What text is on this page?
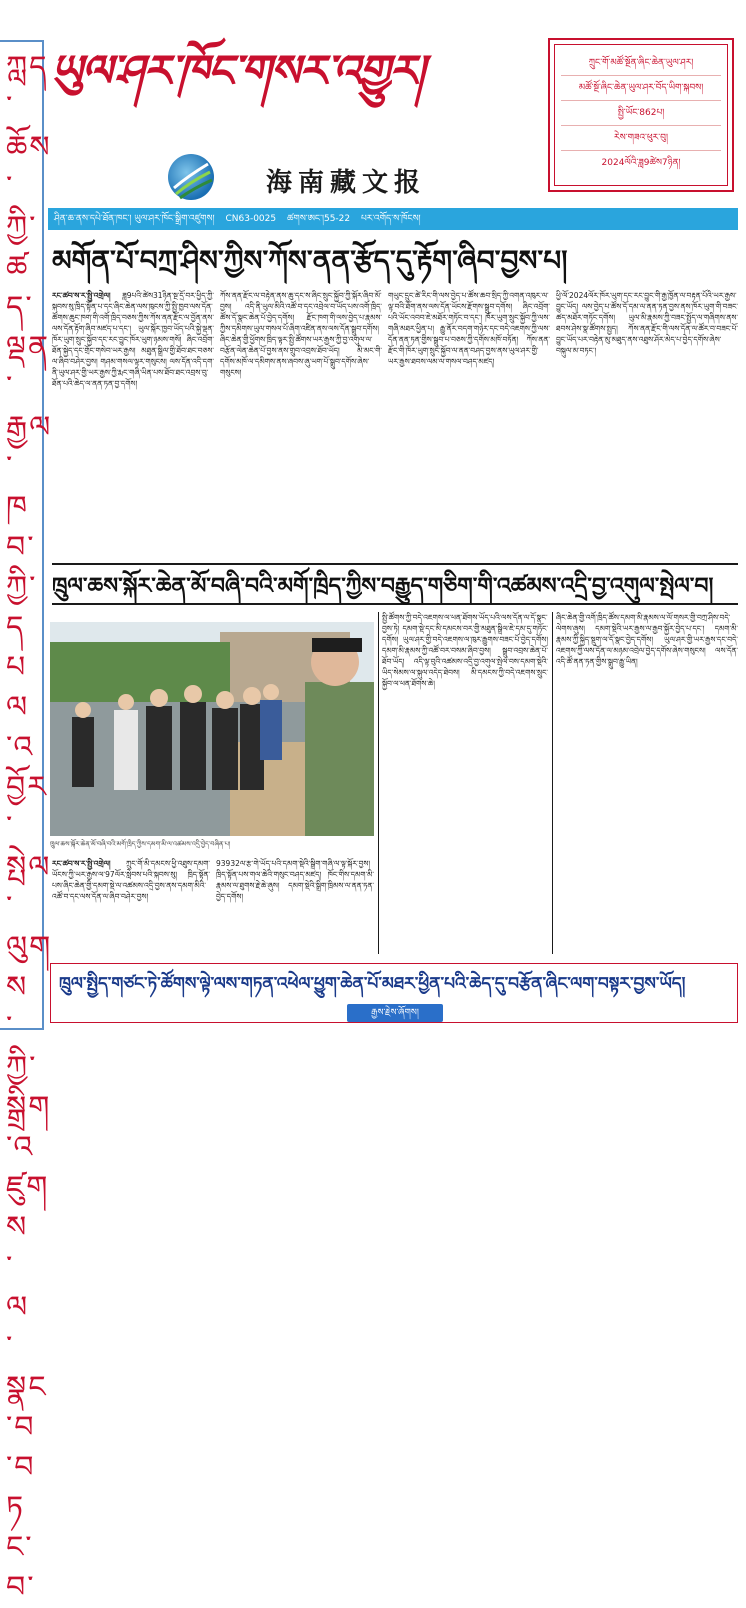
ཀླད་ཆོས་ཀྱི་ཚད་ལྡན་རྒྱལ་ཁབ་ཀྱི་དཔལ་འབྱོར་སྤེལ་ལུགས་ཀྱི་སྒྲིག་འཛུགས་ལ་སྣང་བ་བཏང་བ་
ཡུལ་ཤར་ཁོང་གསར་འགྱུར།
海南藏文报
ཀྲུང་གོ་མཚོ་སྔོན་ཞིང་ཆེན་ཡུལ་ཤར།
མཚོ་སྔོ་ཞིང་ཆེན་ཡུལ་ཤར་བོད་ཡིག་སྐབས།
སྤྱི་ཡོང་862པ།
རེས་གཟའ་ཕུར་བུ།
2024ལོའི་ཟླ9ཚེས7ཉིན།
ཤིན་ཆ་ནས་དཔེ་ཐོན་ཁང་། ཡུལ་ཤར་ཁོང་སྒྲིག་འཛུགས། CN63-0025 ཚགས་ཨང་།55-22 པར་འགོད་ས་ཁོངས།
མགོན་པོ་བཀྲ་ཤིས་ཀྱིས་ཀོས་ནན་རྩོད་དུ་རྟོག་ཞིབ་བྱས་པ།
རང་ཚབ་ས་ར་སྤྱི་འགྲེལ། ཟླ9པའི་ཚེས31ཉིན་སྔ་དྲོ་བར་ཕྱིད་ཀྱི་སྐབས་སུ་ཁྲིད་སྟོན་པ་དང་ཞིང་ཆེན་ལས་ཁུངས་ཀྱི་སྤྱི་ཁྱབ་ལས་དོན་ཚོགས་ཆུང་ཁག་གི་འགོ་ཁྲིད་བཅས་ཀྱིས་ཀོས་ནན་རྫོང་ལ་བྱོན་ནས་ལས་དོན་རྟོག་ཞིབ་མཛད་པ་དང་། ཡུལ་སྐོར་ཁྱབ་ཡོད་པའི་སྐྱེ་ལྡན་ཁོར་ཡུག་སྲུང་སྐྱོབ་དང་རང་བྱུང་ཁོར་ཡུག་ཉམས་གསོ། ཞིང་འབྲོག་ཐོན་སྐྱེད་དང་གྲོང་གསེབ་ཡར་རྒྱས། མཐུན་སྒྲིལ་གྱི་ཐོབ་ཐང་བཅས་ལ་ཞིབ་བཤེར་བྱས། གཤམ་གསལ་ལྟར་གསུངས། ལས་དོན་འདི་དག་ནི་ཡུལ་ཤར་གྱི་ཡར་རྒྱས་ཀྱི་རྨང་གཞི་ཡིན་པས་ཐོབ་ཐང་འབྲས་བུ་ཐོན་པའི་ཆེད་ལ་ནན་ཏན་བྱ་དགོས།
ཀོས་ནན་རྫོང་ལ་བརྟེན་ནས་ཆུ་དང་ས་ཞིང་སྲུང་སྐྱོབ་ཀྱི་སྐོར་ཞིབ་མོ་བྱས། འདི་ནི་ཡུལ་མིའི་འཚོ་བ་དང་འབྲེལ་བ་ཡོད་པས་འགོ་ཁྲིད་ཚོས་དོ་སྣང་ཆེན་པོ་བྱེད་དགོས། རྫོང་ཁག་གི་ལས་བྱེད་པ་རྣམས་ཀྱིས་དམིགས་ཡུལ་གསལ་པོ་ཞིག་འཛིན་ནས་ལས་དོན་སྒྲུབ་དགོས། ཞིང་ཆེན་གྱི་ཕྱོགས་ཁྲིད་ལྟར་སྤྱི་ཚོགས་ཡར་རྒྱས་ཀྱི་བྱ་འགུལ་ལ་བརྩོན་ལེན་ཆེན་པོ་བྱས་ནས་གྲུབ་འབྲས་ཐོབ་ཡོད། མི་མང་གི་དགོས་མཁོ་ལ་དམིགས་ནས་ཞབས་ཞུ་ཡག་པོ་སྒྲུབ་དགོས་ཞེས་གསུངས།
གཡུང་དྲུང་ཚེ་རིང་གི་ལས་བྱེད་པ་ཚོས་ཆབ་སྲིད་ཀྱི་འགན་འཁུར་ལ་ལྟ་བའི་ཐོག་ནས་ལས་དོན་ཡོངས་རྫོགས་སྒྲུབ་དགོས། ཞིང་འབྲོག་པའི་ཡོང་འབབ་ཇེ་མཐོར་གཏོང་བ་དང་། ཁོར་ཡུག་སྲུང་སྐྱོབ་ཀྱི་ལས་གཞི་མཐར་ཕྱིན་པ། རྒྱུ་ནོར་བདག་གཉེར་དང་བདེ་འཇགས་ཀྱི་ལས་དོན་ནན་ཏན་གྱིས་སྒྲུབ་པ་བཅས་ཀྱི་དགོས་མཁོ་བཏོན། ཀོས་ནན་རྫོང་གི་ཁོར་ཡུག་སྲུང་སྐྱོབ་ལ་ནན་བཤད་བྱས་ནས་ཡུལ་ཤར་གྱི་ཡར་རྒྱས་ཐབས་ལམ་ལ་གསལ་བཤད་མཛད།
ཕྱི་ལོ་2024ལོར་ཁོར་ཡུག་དང་རང་བྱུང་གི་རྒྱ་ཁྱོན་ལ་བརྟན་པོའི་ཡར་རྒྱས་བྱུང་ཡོད། ལས་བྱེད་པ་ཚོས་དོ་དམ་ལ་ནན་ཏན་བྱས་ནས་ཁོར་ཡུག་གི་བཟང་ཚད་མཐོར་གཏོང་དགོས། ཡུལ་མི་རྣམས་ཀྱི་བཟང་སྤྱོད་ལ་གཞིགས་ནས་ཐབས་ཤེས་སྣ་ཚོགས་སྤྱད། ཀོས་ནན་རྫོང་གི་ལས་དོན་ལ་ཚོར་བ་བཟང་པོ་བྱུང་ཡོད་པར་བརྟེན་མུ་མཐུད་ནས་འཐུས་ཤོར་མེད་པ་བྱེད་དགོས་ཞེས་བསྐུལ་མ་བཏང་།
ཁྲུལ་ཆས་སྐོར་ཆེན་མོ་བཞི་བའི་མགོ་ཁྲིད་ཀྱིས་བརྒྱུད་གཅིག་གི་འཚམས་འདྲི་བྱ་འགུལ་སྤེལ་བ།
ཁྲུལ་ཆས་སྐོར་ཆེན་མོ་བཞི་བའི་མགོ་ཁྲིད་ཀྱིས་དམག་མི་ལ་འཚམས་འདྲི་བྱེད་བཞིན་པ།
རང་ཚབ་ས་ར་སྤྱི་འགྲེལ། ཀྲུང་གོ་མི་དམངས་ཕྱི་འཐུས་དམག་ཡོངས་ཀྱི་ཡར་རྒྱས་ལ་97ལོར་སླེབས་པའི་སྐབས་སུ། ཁྲིད་སྟོན་པས་ཞིང་ཆེན་གྱི་དམག་སྡེ་ལ་འཚམས་འདྲི་བྱས་ནས་དམག་མིའི་འཚོ་བ་དང་ལས་དོན་ལ་ཞིབ་བཤེར་བྱས།
93932ལ་རྩ་གེ་ཡོད་པའི་དམག་སྡེའི་སྒྲིག་གཞི་ལ་ལྟ་སྐོར་བྱས། ཁྲིད་སྟོན་པས་གལ་ཆེའི་གསུང་བཤད་མཛད། ཁོང་གིས་དམག་མི་རྣམས་ལ་ཐུགས་རྗེ་ཆེ་ཞུས། དམག་སྡེའི་སྒྲིག་ཁྲིམས་ལ་ནན་ཏན་བྱེད་དགོས།
སྤྱི་ཚོགས་ཀྱི་བདེ་འཇགས་ལ་ཕན་ཐོགས་ཡོད་པའི་ལས་དོན་ལ་དོ་སྣང་བྱས་ཏེ། དམག་སྡེ་དང་མི་དམངས་བར་གྱི་མཐུན་སྒྲིལ་ཇེ་དམ་དུ་གཏོང་དགོས། ཡུལ་ཤར་གྱི་བདེ་འཇགས་ལ་ཁུར་རྒྱུགས་བཟང་པོ་བྱེད་དགོས། དམག་མི་རྣམས་ཀྱི་འཚོ་བར་བསམ་ཞིབ་བྱས། སྒྲུབ་འབྲས་ཆེན་པོ་ཐོབ་ཡོད། འདི་ལྟ་བུའི་འཚམས་འདྲི་བྱ་འགུལ་སྤེལ་བས་དམག་སྡེའི་ཡིད་སེམས་ལ་སྐུལ་འདེད་ཐེབས། མི་དམངས་ཀྱི་བདེ་འཇགས་སྲུང་སྐྱོབ་ལ་ཕན་ཐོགས་ཆེ།
ཞིང་ཆེན་གྱི་འགོ་ཁྲིད་ཚོས་དམག་མི་རྣམས་ལ་ལོ་གསར་གྱི་བཀྲ་ཤིས་བདེ་ལེགས་ཞུས། དམག་སྡེའི་ཡར་རྒྱས་ལ་རྒྱབ་སྐྱོར་བྱེད་པ་དང་། དམག་མི་རྣམས་ཀྱི་སྐྱིད་སྡུག་ལ་དོ་སྣང་བྱེད་དགོས། ཡུལ་ཤར་གྱི་ཡར་རྒྱས་དང་བདེ་འཇགས་ཀྱི་ལས་དོན་ལ་མཉམ་འབྲེལ་བྱེད་དགོས་ཞེས་གསུངས། ལས་དོན་འདི་ཚོ་ནན་ཏན་གྱིས་སྒྲུབ་རྒྱུ་ཡིན།
ཁྲུལ་སྤྱིད་གཙང་ཏེ་ཚོགས་ལྟེ་ལས་གཏན་འཕེལ་ཕྱུག་ཆེན་པོ་མཐར་ཕྱིན་པའི་ཆེད་དུ་བརྩོན་ཞིང་ལག་བསྟར་བྱས་ཡོད།
རྒྱས་རྗེས་ཞོགས།
